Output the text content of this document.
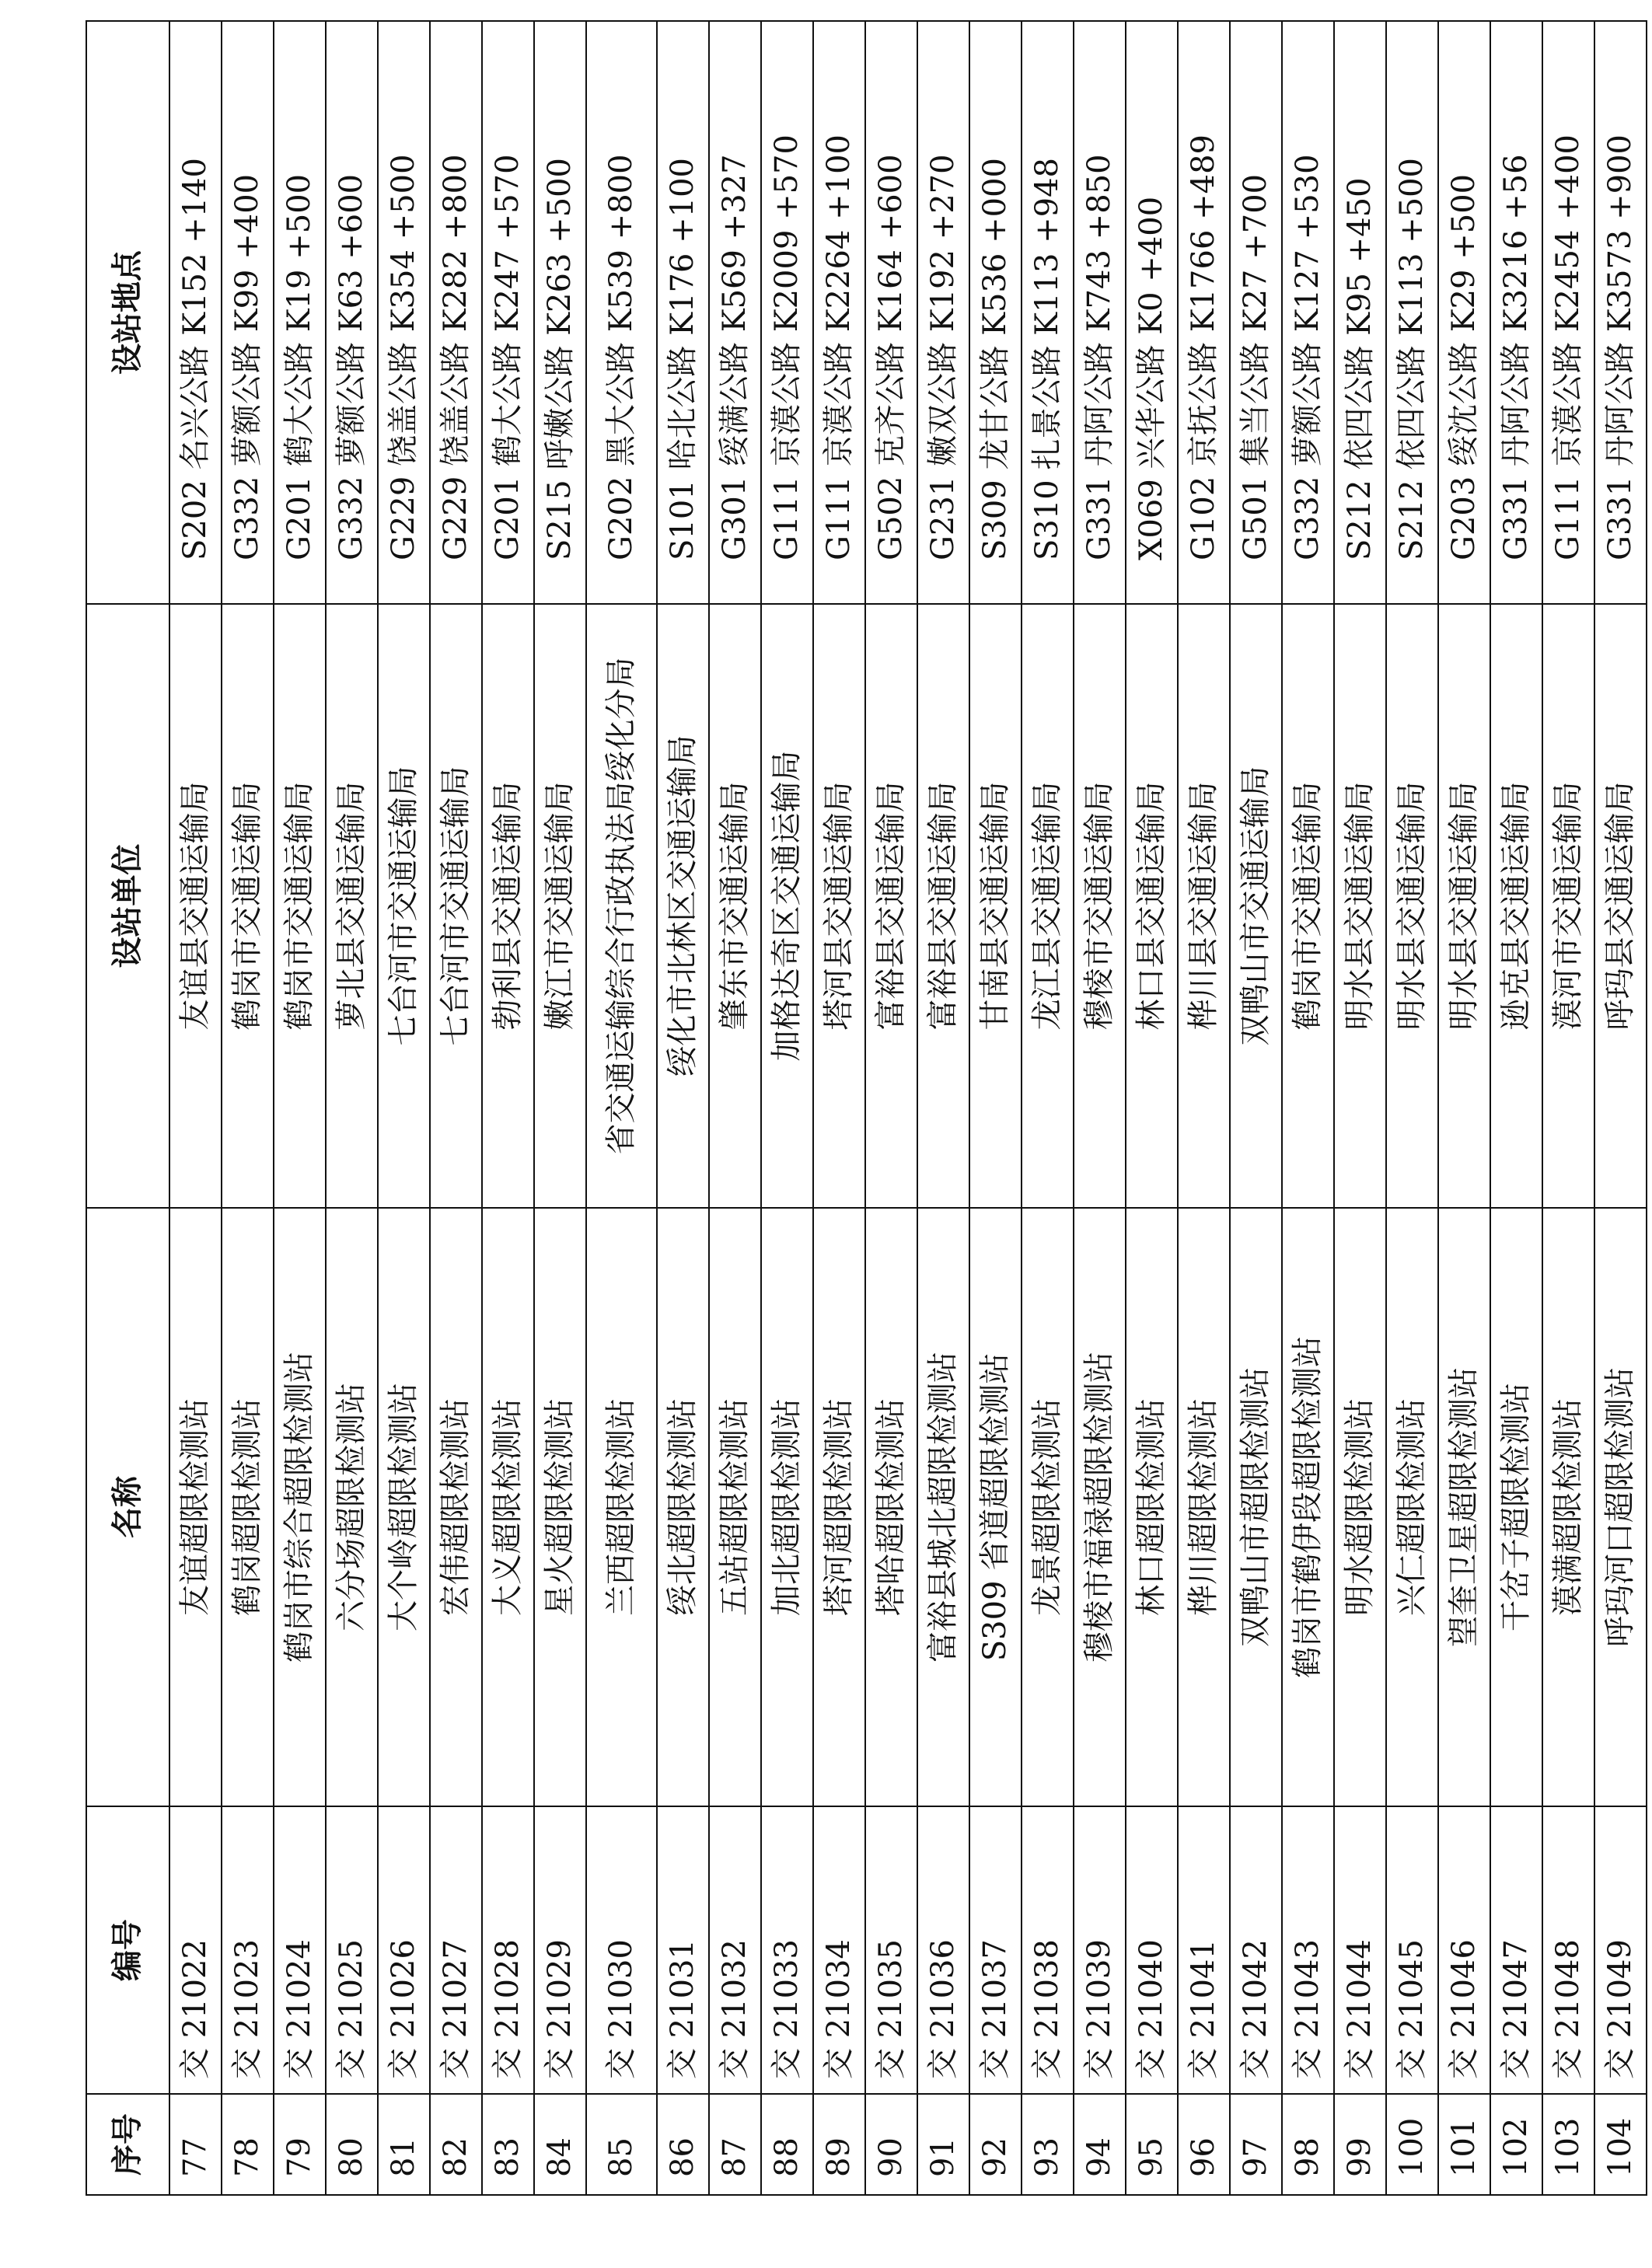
序号	编号	名称	设站单位	设站地点
77	交 21022	友谊超限检测站	友谊县交通运输局	S202 名兴公路 K152 +140
78	交 21023	鹤岗超限检测站	鹤岗市交通运输局	G332 萝额公路 K99 +400
79	交 21024	鹤岗市综合超限检测站	鹤岗市交通运输局	G201 鹤大公路 K19 +500
80	交 21025	六分场超限检测站	萝北县交通运输局	G332 萝额公路 K63 +600
81	交 21026	大个岭超限检测站	七台河市交通运输局	G229 饶盖公路 K354 +500
82	交 21027	宏伟超限检测站	七台河市交通运输局	G229 饶盖公路 K282 +800
83	交 21028	大义超限检测站	勃利县交通运输局	G201 鹤大公路 K247 +570
84	交 21029	星火超限检测站	嫩江市交通运输局	S215 呼嫩公路 K263 +500
85	交 21030	兰西超限检测站	省交通运输综合行政执法局绥化分局	G202 黑大公路 K539 +800
86	交 21031	绥北超限检测站	绥化市北林区交通运输局	S101 哈北公路 K176 +100
87	交 21032	五站超限检测站	肇东市交通运输局	G301 绥满公路 K569 +327
88	交 21033	加北超限检测站	加格达奇区交通运输局	G111 京漠公路 K2009 +570
89	交 21034	塔河超限检测站	塔河县交通运输局	G111 京漠公路 K2264 +100
90	交 21035	塔哈超限检测站	富裕县交通运输局	G502 克齐公路 K164 +600
91	交 21036	富裕县城北超限检测站	富裕县交通运输局	G231 嫩双公路 K192 +270
92	交 21037	S309 省道超限检测站	甘南县交通运输局	S309 龙甘公路 K536 +000
93	交 21038	龙景超限检测站	龙江县交通运输局	S310 扎景公路 K113 +948
94	交 21039	穆棱市福禄超限检测站	穆棱市交通运输局	G331 丹阿公路 K743 +850
95	交 21040	林口超限检测站	林口县交通运输局	X069 兴华公路 K0 +400
96	交 21041	桦川超限检测站	桦川县交通运输局	G102 京抚公路 K1766 +489
97	交 21042	双鸭山市超限检测站	双鸭山市交通运输局	G501 集当公路 K27 +700
98	交 21043	鹤岗市鹤伊段超限检测站	鹤岗市交通运输局	G332 萝额公路 K127 +530
99	交 21044	明水超限检测站	明水县交通运输局	S212 依四公路 K95 +450
100	交 21045	兴仁超限检测站	明水县交通运输局	S212 依四公路 K113 +500
101	交 21046	望奎卫星超限检测站	明水县交通运输局	G203 绥沈公路 K29 +500
102	交 21047	干岔子超限检测站	逊克县交通运输局	G331 丹阿公路 K3216 +56
103	交 21048	漠满超限检测站	漠河市交通运输局	G111 京漠公路 K2454 +400
104	交 21049	呼玛河口超限检测站	呼玛县交通运输局	G331 丹阿公路 K3573 +900
